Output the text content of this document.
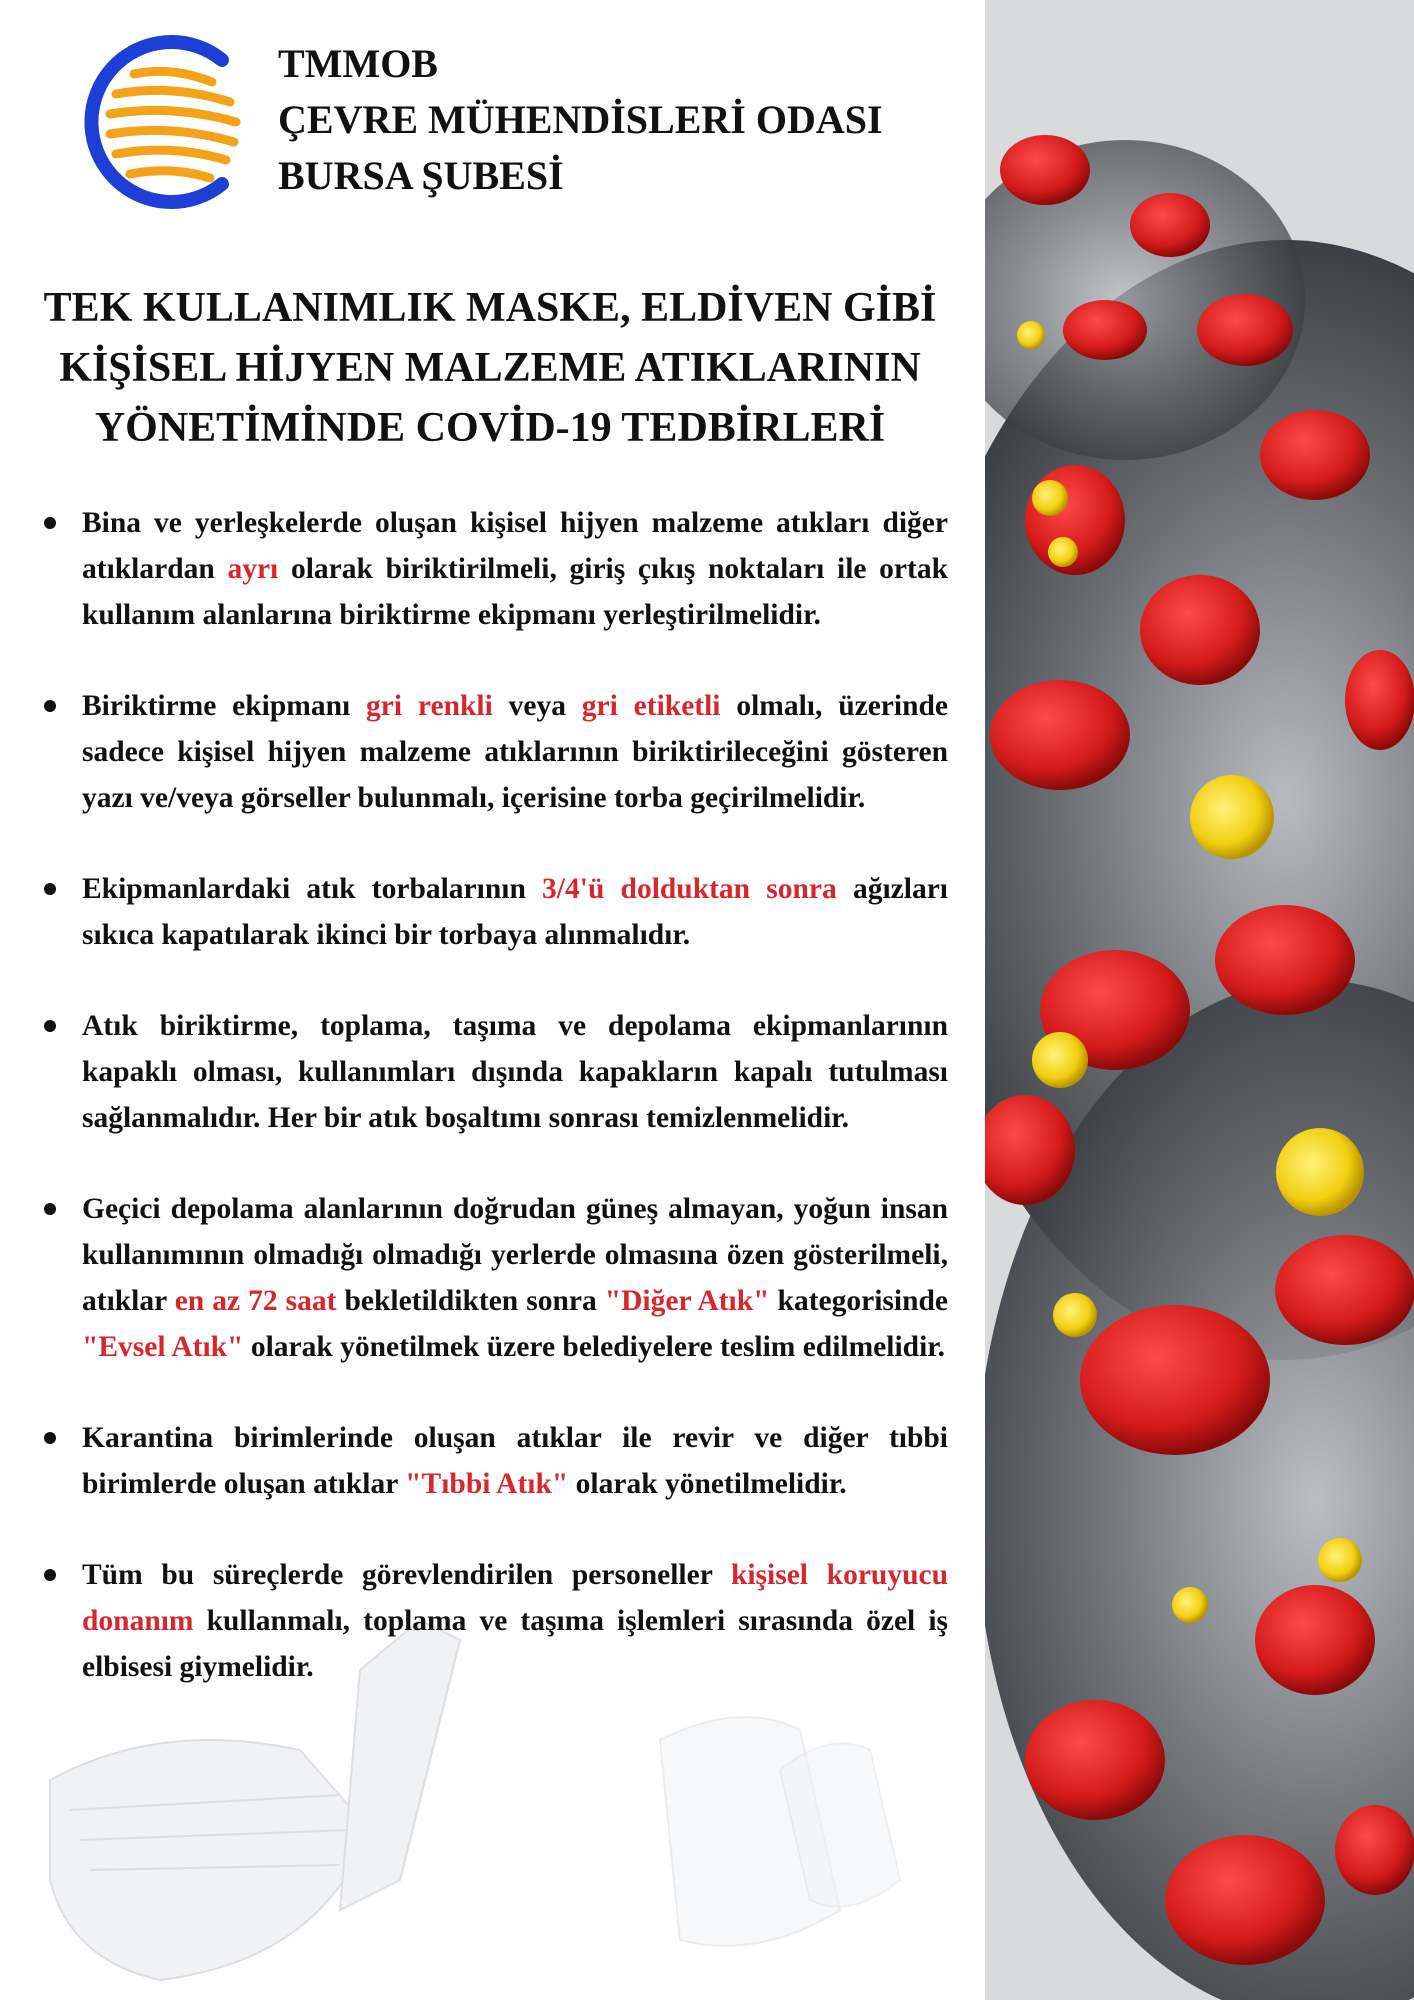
TMMOB
ÇEVRE MÜHENDİSLERİ ODASI
BURSA ŞUBESİ
TEK KULLANIMLIK MASKE, ELDİVEN GİBİ
KİŞİSEL HİJYEN MALZEME ATIKLARININ
YÖNETİMİNDE COVİD-19 TEDBİRLERİ
Bina ve yerleşkelerde oluşan kişisel hijyen malzeme atıkları diğer atıklardan ayrı olarak biriktirilmeli, giriş çıkış noktaları ile ortak kullanım alanlarına biriktirme ekipmanı yerleştirilmelidir.
Biriktirme ekipmanı gri renkli veya gri etiketli olmalı, üzerinde sadece kişisel hijyen malzeme atıklarının biriktirileceğini gösteren yazı ve/veya görseller bulunmalı, içerisine torba geçirilmelidir.
Ekipmanlardaki atık torbalarının 3/4'ü dolduktan sonra ağızları sıkıca kapatılarak ikinci bir torbaya alınmalıdır.
Atık biriktirme, toplama, taşıma ve depolama ekipmanlarının kapaklı olması, kullanımları dışında kapakların kapalı tutulması sağlanmalıdır. Her bir atık boşaltımı sonrası temizlenmelidir.
Geçici depolama alanlarının doğrudan güneş almayan, yoğun insan kullanımının olmadığı olmadığı yerlerde olmasına özen gösterilmeli, atıklar en az 72 saat bekletildikten sonra "Diğer Atık" kategorisinde "Evsel Atık" olarak yönetilmek üzere belediyelere teslim edilmelidir.
Karantina birimlerinde oluşan atıklar ile revir ve diğer tıbbi birimlerde oluşan atıklar "Tıbbi Atık" olarak yönetilmelidir.
Tüm bu süreçlerde görevlendirilen personeller kişisel koruyucu donanım kullanmalı, toplama ve taşıma işlemleri sırasında özel iş elbisesi giymelidir.
